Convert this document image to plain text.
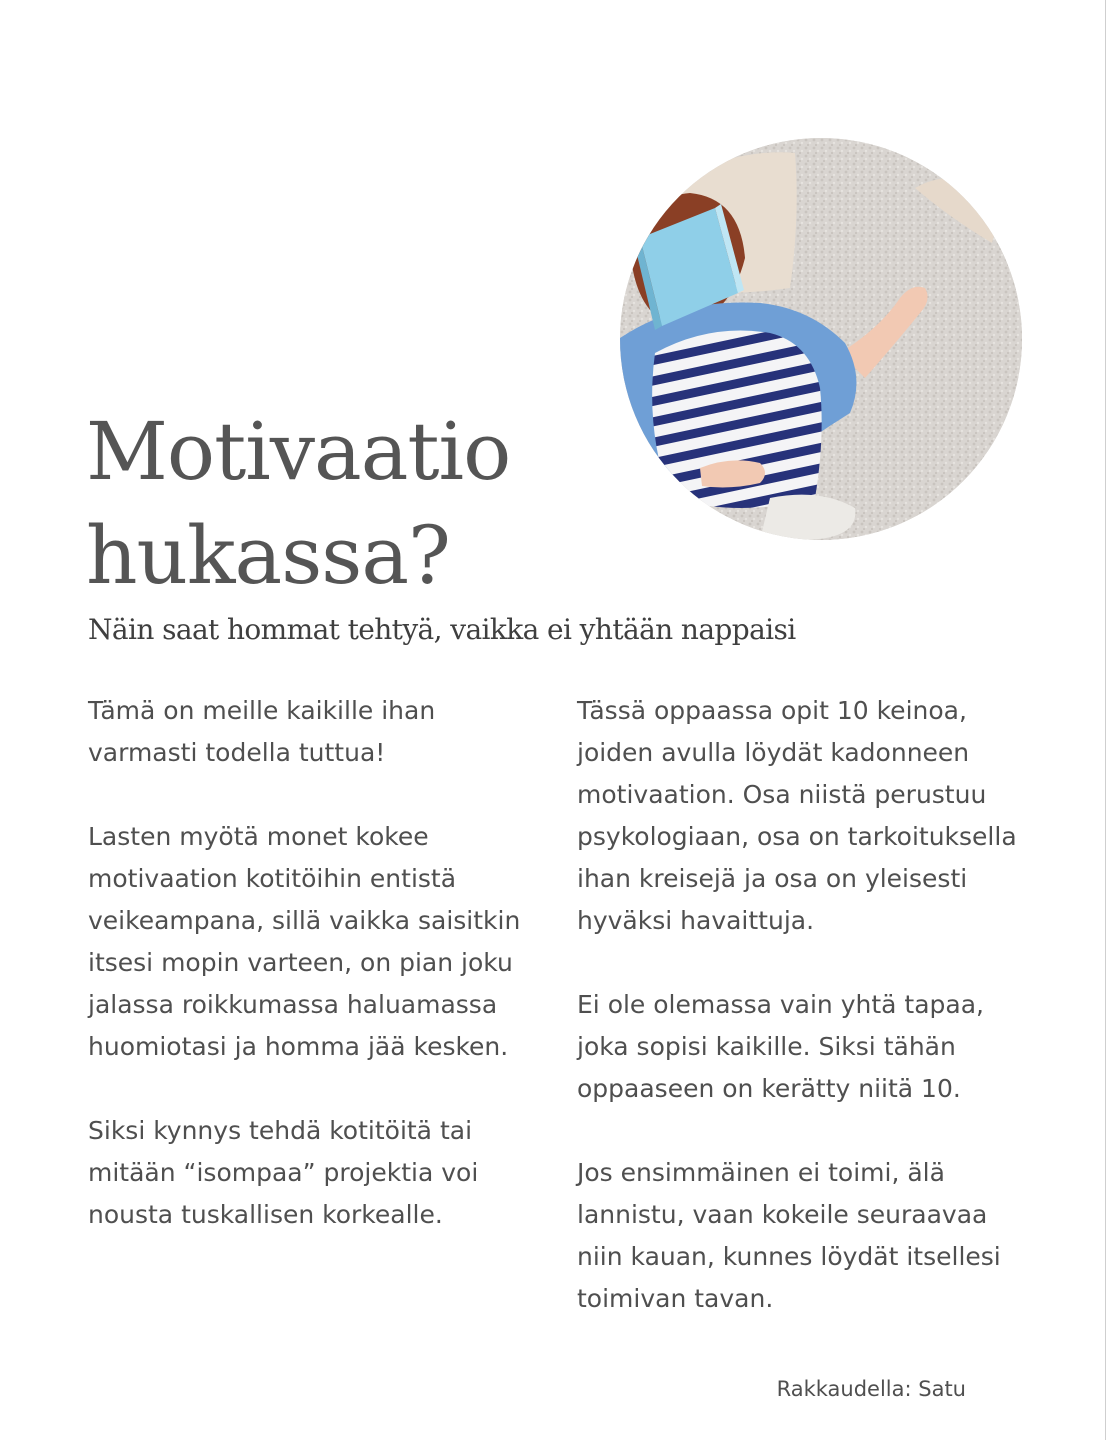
Motivaatio
hukassa?
Näin saat hommat tehtyä, vaikka ei yhtään nappaisi

Tämä on meille kaikille ihan varmasti todella tuttua!

Lasten myötä monet kokee motivaation kotitöihin entistä veikeampana, sillä vaikka saisitkin itsesi mopin varteen, on pian joku jalassa roikkumassa haluamassa huomiotasi ja homma jää kesken.

Siksi kynnys tehdä kotitöitä tai mitään “isompaa” projektia voi nousta tuskallisen korkealle.

Tässä oppaassa opit 10 keinoa, joiden avulla löydät kadonneen motivaation. Osa niistä perustuu psykologiaan, osa on tarkoituksella ihan kreisejä ja osa on yleisesti hyväksi havaittuja.

Ei ole olemassa vain yhtä tapaa, joka sopisi kaikille. Siksi tähän oppaaseen on kerätty niitä 10.

Jos ensimmäinen ei toimi, älä lannistu, vaan kokeile seuraavaa niin kauan, kunnes löydät itsellesi toimivan tavan.

Rakkaudella: Satu
